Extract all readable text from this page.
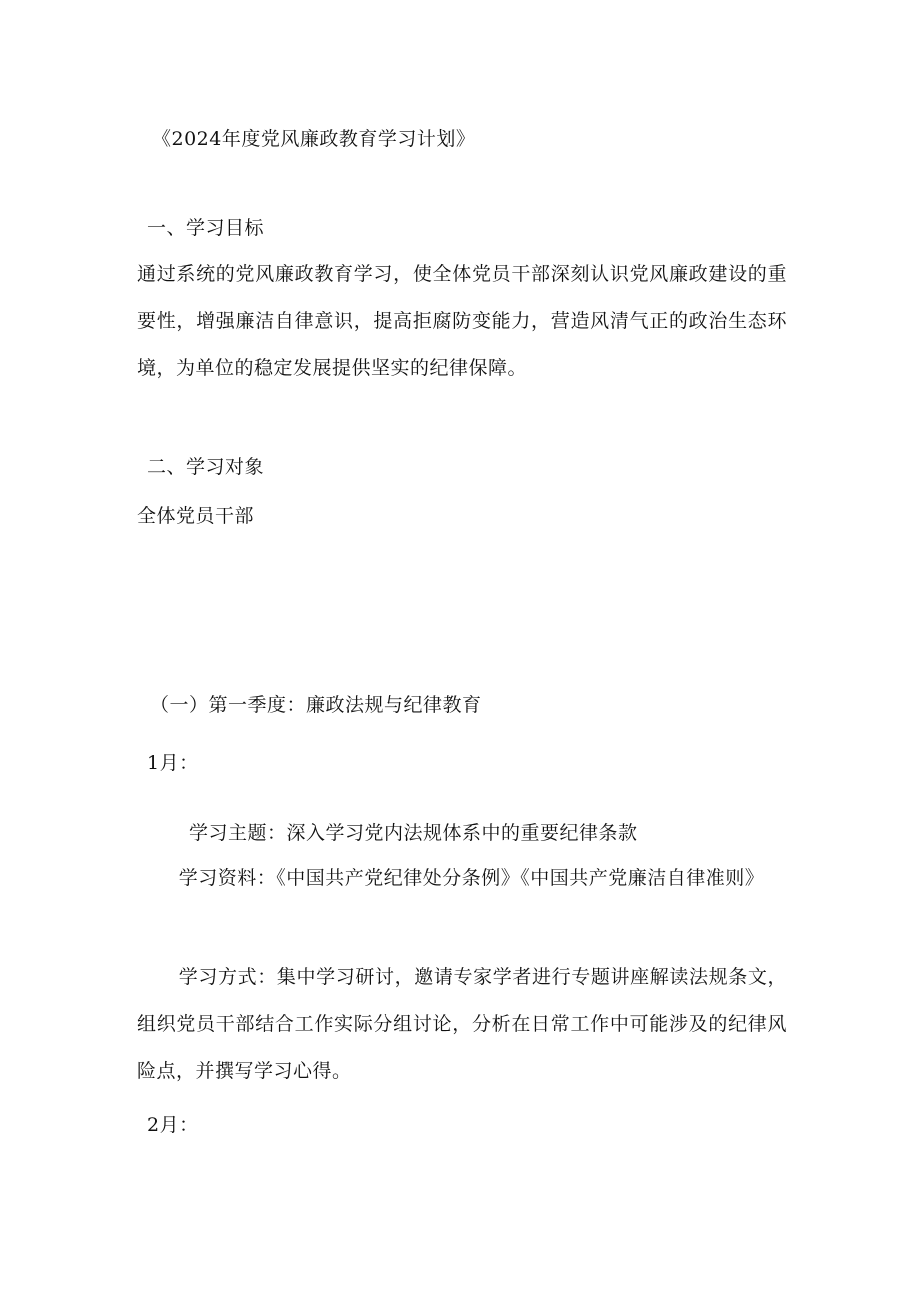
《2024年度党风廉政教育学习计划》
一、学习目标
通过系统的党风廉政教育学习，使全体党员干部深刻认识党风廉政建设的重要性，增强廉洁自律意识，提高拒腐防变能力，营造风清气正的政治生态环境，为单位的稳定发展提供坚实的纪律保障。
二、学习对象
全体党员干部
（一）第一季度：廉政法规与纪律教育
1月：
学习主题：深入学习党内法规体系中的重要纪律条款
学习资料：《中国共产党纪律处分条例》《中国共产党廉洁自律准则》
学习方式：集中学习研讨，邀请专家学者进行专题讲座解读法规条文，组织党员干部结合工作实际分组讨论，分析在日常工作中可能涉及的纪律风险点，并撰写学习心得。
2月：
